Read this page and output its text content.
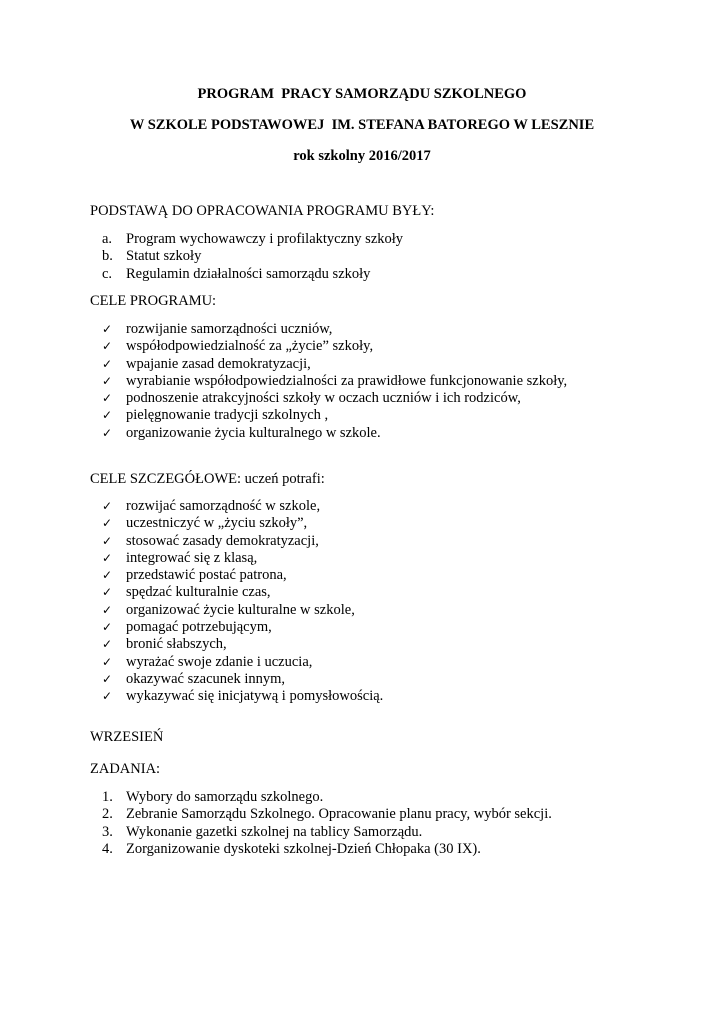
PROGRAM  PRACY SAMORZĄDU SZKOLNEGO
W SZKOLE PODSTAWOWEJ  IM. STEFANA BATOREGO W LESZNIE
rok szkolny 2016/2017
PODSTAWĄ DO OPRACOWANIA PROGRAMU BYŁY:
a. Program wychowawczy i profilaktyczny szkoły
b. Statut szkoły
c. Regulamin działalności samorządu szkoły
CELE PROGRAMU:
✓ rozwijanie samorządności uczniów,
✓ współodpowiedzialność za „życie” szkoły,
✓ wpajanie zasad demokratyzacji,
✓ wyrabianie współodpowiedzialności za prawidłowe funkcjonowanie szkoły,
✓ podnoszenie atrakcyjności szkoły w oczach uczniów i ich rodziców,
✓ pielęgnowanie tradycji szkolnych ,
✓ organizowanie życia kulturalnego w szkole.
CELE SZCZEGÓŁOWE: uczeń potrafi:
✓ rozwijać samorządność w szkole,
✓ uczestniczyć w „życiu szkoły”,
✓ stosować zasady demokratyzacji,
✓ integrować się z klasą,
✓ przedstawić postać patrona,
✓ spędzać kulturalnie czas,
✓ organizować życie kulturalne w szkole,
✓ pomagać potrzebującym,
✓ bronić słabszych,
✓ wyrażać swoje zdanie i uczucia,
✓ okazywać szacunek innym,
✓ wykazywać się inicjatywą i pomysłowością.
WRZESIEŃ
ZADANIA:
1. Wybory do samorządu szkolnego.
2. Zebranie Samorządu Szkolnego. Opracowanie planu pracy, wybór sekcji.
3. Wykonanie gazetki szkolnej na tablicy Samorządu.
4. Zorganizowanie dyskoteki szkolnej-Dzień Chłopaka (30 IX).
